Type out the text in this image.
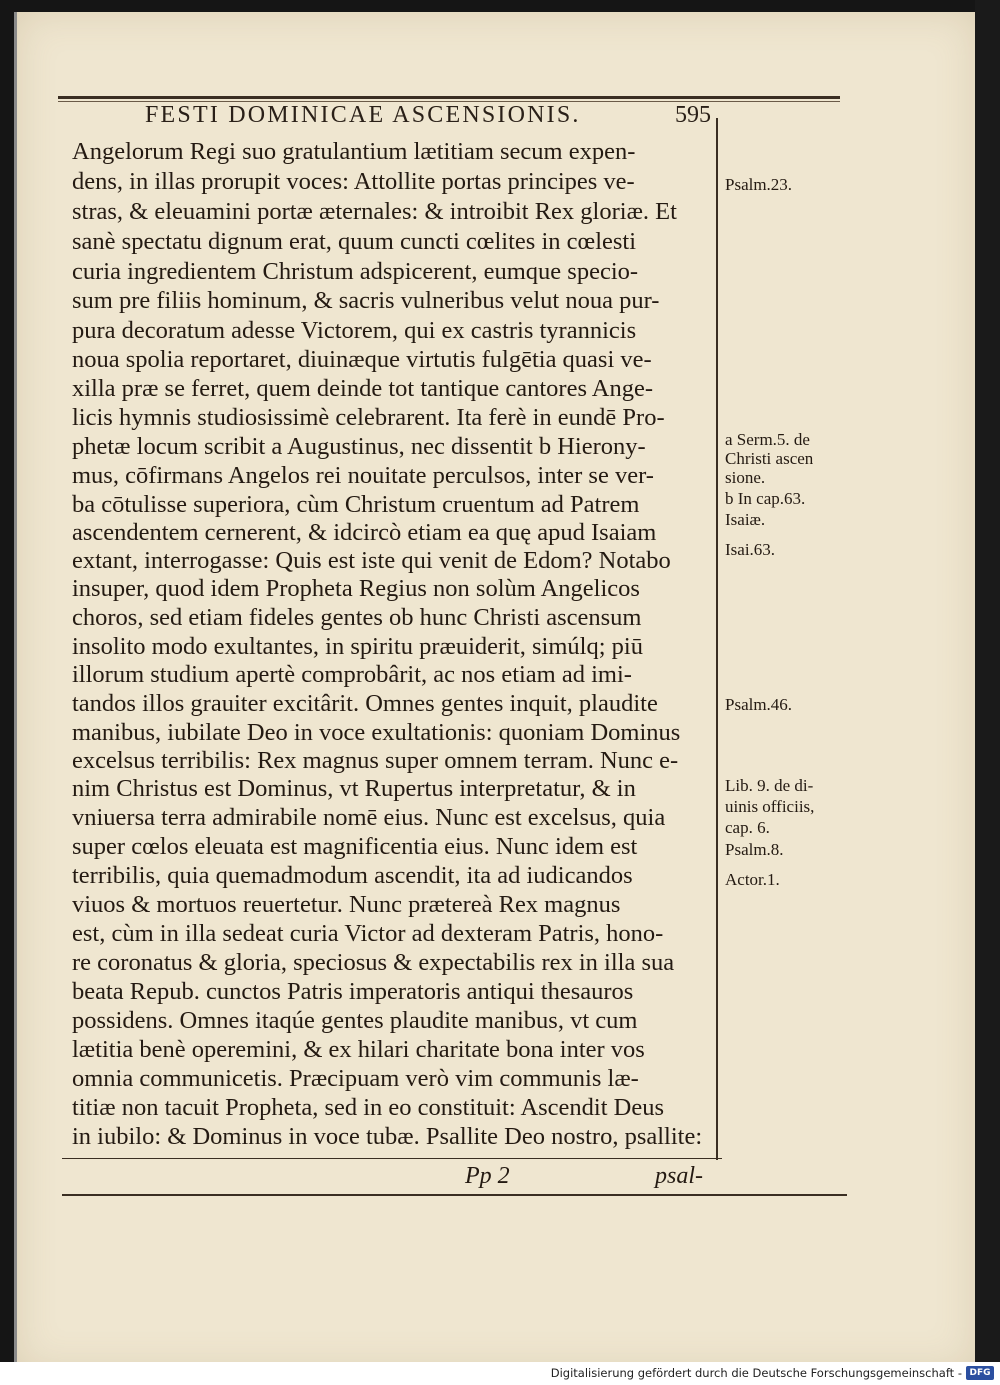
FESTI DOMINICAE ASCENSIONIS.	595
Angelorum Regi suo gratulantium lætitiam secum expen-
dens, in illas prorupit voces: Attollite portas principes ve-
stras, & eleuamini portæ æternales: & introibit Rex gloriæ. Et
sanè spectatu dignum erat, quum cuncti cœlites in cœlesti
curia ingredientem Christum adspicerent, eumque specio-
sum pre filiis hominum, & sacris vulneribus velut noua pur-
pura decoratum adesse Victorem, qui ex castris tyrannicis
noua spolia reportaret, diuinæque virtutis fulgētia quasi ve-
xilla præ se ferret, quem deinde tot tantique cantores Ange-
licis hymnis studiosissimè celebrarent. Ita ferè in eundē Pro-
phetæ locum scribit a Augustinus, nec dissentit b Hierony-
mus, cōfirmans Angelos rei nouitate perculsos, inter se ver-
ba cōtulisse superiora, cùm Christum cruentum ad Patrem
ascendentem cernerent, & idcircò etiam ea quę apud Isaiam
extant, interrogasse: Quis est iste qui venit de Edom? Notabo
insuper, quod idem Propheta Regius non solùm Angelicos
choros, sed etiam fideles gentes ob hunc Christi ascensum
insolito modo exultantes, in spiritu præuiderit, simúlq; piū
illorum studium apertè comprobârit, ac nos etiam ad imi-
tandos illos grauiter excitârit. Omnes gentes inquit, plaudite
manibus, iubilate Deo in voce exultationis: quoniam Dominus
excelsus terribilis: Rex magnus super omnem terram. Nunc e-
nim Christus est Dominus, vt Rupertus interpretatur, & in
vniuersa terra admirabile nomē eius. Nunc est excelsus, quia
super cœlos eleuata est magnificentia eius. Nunc idem est
terribilis, quia quemadmodum ascendit, ita ad iudicandos
viuos & mortuos reuertetur. Nunc prætereà Rex magnus
est, cùm in illa sedeat curia Victor ad dexteram Patris, hono-
re coronatus & gloria, speciosus & expectabilis rex in illa sua
beata Repub. cunctos Patris imperatoris antiqui thesauros
possidens. Omnes itaqúe gentes plaudite manibus, vt cum
lætitia benè operemini, & ex hilari charitate bona inter vos
omnia communicetis. Præcipuam verò vim communis læ-
titiæ non tacuit Propheta, sed in eo constituit: Ascendit Deus
in iubilo: & Dominus in voce tubæ. Psallite Deo nostro, psallite:
Psalm.23.
a Serm.5. de
Christi ascen
sione.
b In cap.63.
Isaiæ.
Isai.63.
Psalm.46.
Lib. 9. de di-
uinis officiis,
cap. 6.
Psalm.8.
Actor.1.
Pp 2	psal-
Digitalisierung gefördert durch die Deutsche Forschungsgemeinschaft - DFG
